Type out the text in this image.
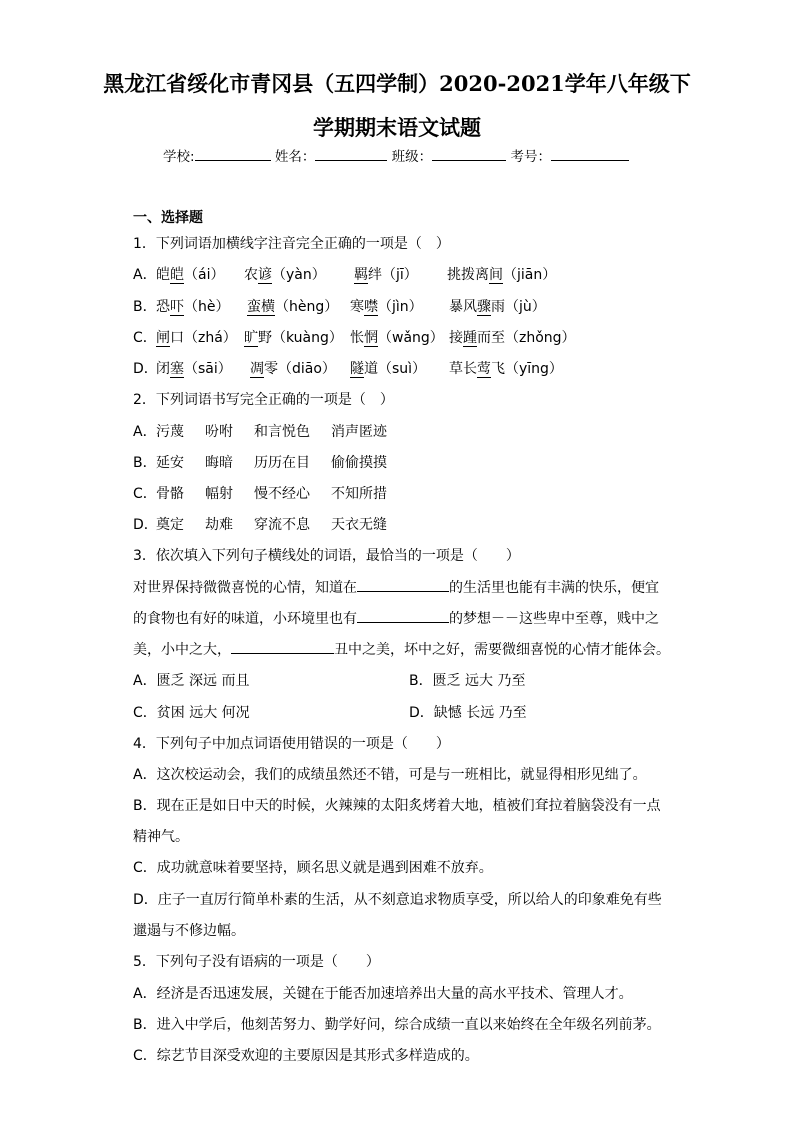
黑龙江省绥化市青冈县（五四学制）2020-2021学年八年级下
学期期末语文试题
学校:	姓名：	班级：	考号：
一、选择题
1．下列词语加横线字注音完全正确的一项是（　）
A． 皑皑（ái） 农谚（yàn） 羁绊（jī） 挑拨离间（jiān）
B． 恐吓（hè） 蛮横（hèng） 寒噤（jìn） 暴风骤雨（jù）
C． 闸口（zhá） 旷野（kuàng） 怅惘（wǎng） 接踵而至（zhǒng）
D．
闭塞（sāi） 凋零（diāo） 隧道（suì） 草长莺飞（yīng）
2．下列词语书写完全正确的一项是（　）
A． 污蔑 吩咐 和言悦色 消声匿迹
B． 延安 晦暗 历历在目 偷偷摸摸
C． 骨骼 幅射 慢不经心 不知所措
D．
奠定 劫难 穿流不息 天衣无缝
3．依次填入下列句子横线处的词语，最恰当的一项是（　　）
对世界保持微微喜悦的心情，知道在	的生活里也能有丰满的快乐，便宜
的食物也有好的味道，小环境里也有	的梦想－－这些卑中至尊，贱中之
美，小中之大，	丑中之美，坏中之好，需要微细喜悦的心情才能体会。
A．匮乏 深远 而且	B．匮乏 远大 乃至
C．贫困 远大 何况	D．缺憾 长远 乃至
4．下列句子中加点词语使用错误的一项是（　　）
A．这次校运动会，我们的成绩虽然还不错，可是与一班相比，就显得相形见绌了。
B．现在正是如日中天的时候，火辣辣的太阳炙烤着大地，植被们耷拉着脑袋没有一点
精神气。
C．成功就意味着要坚持，顾名思义就是遇到困难不放弃。
D．庄子一直厉行简单朴素的生活，从不刻意追求物质享受，所以给人的印象难免有些
邋遢与不修边幅。
5．下列句子没有语病的一项是（　　）
A．经济是否迅速发展，关键在于能否加速培养出大量的高水平技术、管理人才。
B．进入中学后，他刻苦努力、勤学好问，综合成绩一直以来始终在全年级名列前茅。
C．综艺节目深受欢迎的主要原因是其形式多样造成的。
